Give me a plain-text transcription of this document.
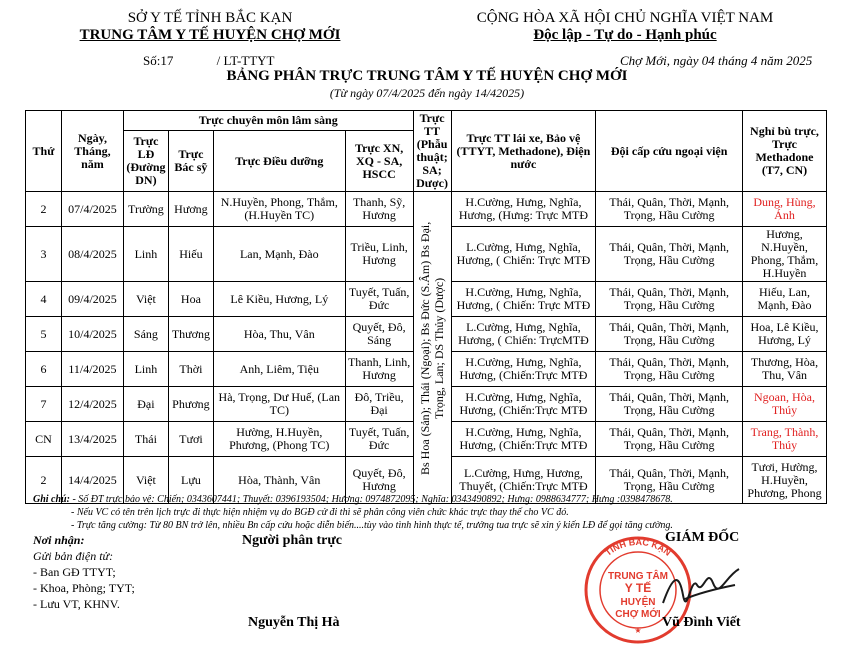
SỞ Y TẾ TỈNH BẮC KẠN
TRUNG TÂM Y TẾ HUYỆN CHỢ MỚI
CỘNG HÒA XÃ HỘI CHỦ NGHĨA VIỆT NAM
Độc lập - Tự do - Hạnh phúc
Số:17	/ LT-TTYT	Chợ Mới, ngày 04 tháng 4 năm 2025
BẢNG PHÂN TRỰC TRUNG TÂM Y TẾ HUYỆN CHỢ MỚI
(Từ ngày 07/4/2025 đến ngày 14/42025)
Thứ	Ngày, Tháng, năm	Trực chuyên môn lâm sàng				Trực TT (Phẫu thuật; SA; Dược)	Trực TT lái xe, Bảo vệ (TTYT, Methadone), Điện nước	Đội cấp cứu ngoại viện	Nghỉ bù trực, Trực Methadone (T7, CN)
		Trực LĐ (Đường DN)	Trực Bác sỹ	Trực Điều dưỡng	Trực XN, XQ - SA, HSCC				
2	07/4/2025	Trường	Hương	N.Huyền, Phong, Thắm,(H.Huyền TC)	Thanh, Sỹ, Hương	Bs Hoa (Sản); Thái (Ngoại); Bs Đức (S.Âm) Bs Đại, Trọng, Lan; DS Thủy (Dược)	H.Cường, Hưng, Nghĩa, Hương, (Hưng: Trực MTĐ	Thái, Quân, Thời, Mạnh, Trọng, Hầu Cường	Dung, Hùng, Ánh
3	08/4/2025	Linh	Hiếu	Lan, Mạnh, Đào	Triều, Linh, Hương		L.Cường, Hưng, Nghĩa, Hương, ( Chiến: Trực MTĐ	Thái, Quân, Thời, Mạnh, Trọng, Hầu Cường	Hương, N.Huyền, Phong, Thắm, H.Huyền
4	09/4/2025	Việt	Hoa	Lê Kiều, Hương, Lý	Tuyết, Tuấn, Đức		H.Cường, Hưng, Nghĩa, Hương, ( Chiến: Trực MTĐ	Thái, Quân, Thời, Mạnh, Trọng, Hầu Cường	Hiếu, Lan, Mạnh, Đào
5	10/4/2025	Sáng	Thương	Hòa, Thu, Vân	Quyết, Đô, Sáng		L.Cường, Hưng, Nghĩa, Hương, ( Chiến: TrựcMTĐ	Thái, Quân, Thời, Mạnh, Trọng, Hầu Cường	Hoa, Lê Kiều, Hương, Lý
6	11/4/2025	Linh	Thời	Anh, Liêm, Tiệu	Thanh, Linh, Hương		H.Cường, Hưng, Nghĩa, Hương, (Chiến:Trực MTĐ	Thái, Quân, Thời, Mạnh, Trọng, Hầu Cường	Thương, Hòa, Thu, Vân
7	12/4/2025	Đại	Phương	Hà, Trọng, Dư Huế, (Lan TC)	Đô, Triều, Đại		H.Cường, Hưng, Nghĩa, Hương, (Chiến:Trực MTĐ	Thái, Quân, Thời, Mạnh, Trọng, Hầu Cường	Ngoan, Hòa, Thúy
CN	13/4/2025	Thái	Tươi	Hường, H.Huyền, Phương, (Phong TC)	Tuyết, Tuấn, Đức		H.Cường, Hưng, Nghĩa, Hương, (Chiến:Trực MTĐ	Thái, Quân, Thời, Mạnh, Trọng, Hầu Cường	Trang, Thành, Thúy
2	14/4/2025	Việt	Lựu	Hòa, Thành, Vân	Quyết, Đô, Hương		L.Cường, Hưng, Hương, Thuyết, (Chiến:Trực MTĐ	Thái, Quân, Thời, Mạnh, Trọng, Hầu Cường	Tươi, Hường, H.Huyền, Phương, Phong
Ghi chú: - Số ĐT trực bảo vệ: Chiến; 0343607441; Thuyết: 0396193504; Hương: 0974872095; Nghĩa: 0343490892; Hưng: 0988634777; Hưng :0398478678.
- Nếu VC có tên trên lịch trực đi thực hiện nhiệm vụ do BGĐ cử đi thì sẽ phân công viên chức khác trực thay thế cho VC đó.
- Trực tăng cường: Từ 80 BN trở lên, nhiều Bn cấp cứu hoặc diễn biến....tùy vào tình hình thực tế, trưởng tua trực sẽ xin ý kiến LĐ để gọi tăng cường.
Nơi nhận:
Gửi bản điện tử:
- Ban GĐ TTYT;
- Khoa, Phòng; TYT;
- Lưu VT, KHNV.
Người phân trực	GIÁM ĐỐC
TỈNH BẮC KẠN
TRUNG TÂM
Y TẾ
HUYỆN
CHỢ MỚI
★
Nguyễn Thị Hà	Vũ Đình Viết
